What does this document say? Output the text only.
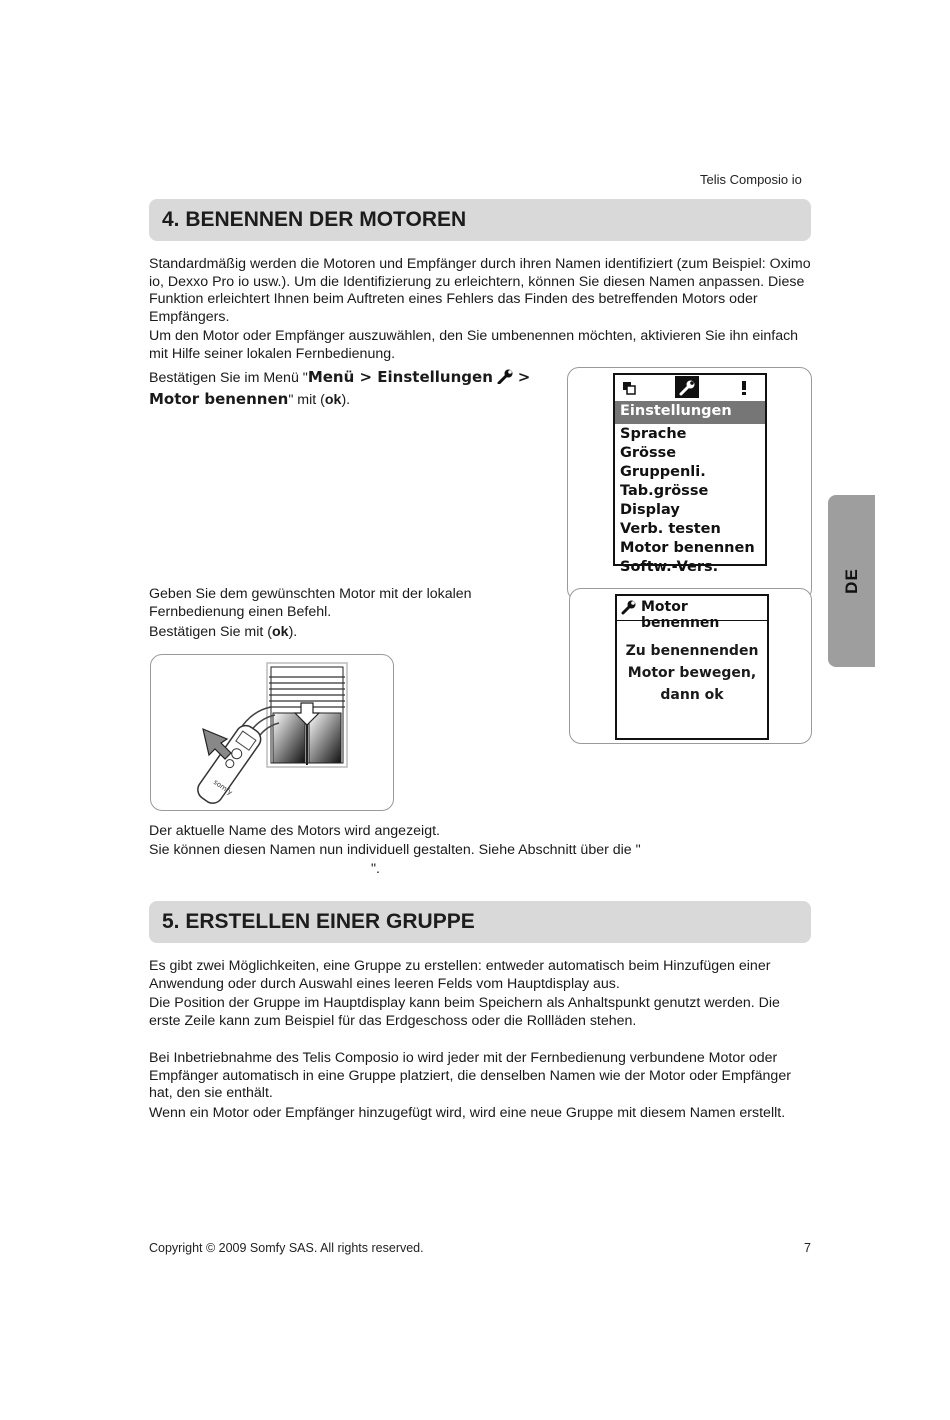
Telis Composio io
4. BENENNEN DER MOTOREN

Standardmäßig werden die Motoren und Empfänger durch ihren Namen identifiziert (zum Beispiel: Oximo io, Dexxo Pro io usw.). Um die Identifizierung zu erleichtern, können Sie diesen Namen anpassen. Diese Funktion erleichtert Ihnen beim Auftreten eines Fehlers das Finden des betreffenden Motors oder Empfängers.

Um den Motor oder Empfänger auszuwählen, den Sie umbenennen möchten, aktivieren Sie ihn einfach mit Hilfe seiner lokalen Fernbedienung.

Bestätigen Sie im Menü "Menü > Einstellungen >
Motor benennen" mit (ok).
Einstellungen
Sprache
Grösse Gruppenli.
Tab.grösse
Display
Verb. testen
Motor benennen
Softw.-Vers.

Geben Sie dem gewünschten Motor mit der lokalen Fernbedienung einen Befehl.

Bestätigen Sie mit (ok).

Motor benennen
Zu benennenden
Motor bewegen,
dann ok
somfy

Der aktuelle Name des Motors wird angezeigt.

Sie können diesen Namen nun individuell gestalten. Siehe Abschnitt über die "

".

5. ERSTELLEN EINER GRUPPE

Es gibt zwei Möglichkeiten, eine Gruppe zu erstellen: entweder automatisch beim Hinzufügen einer Anwendung oder durch Auswahl eines leeren Felds vom Hauptdisplay aus.

Die Position der Gruppe im Hauptdisplay kann beim Speichern als Anhaltspunkt genutzt werden. Die erste Zeile kann zum Beispiel für das Erdgeschoss oder die Rollläden stehen.

Bei Inbetriebnahme des Telis Composio io wird jeder mit der Fernbedienung verbundene Motor oder Empfänger automatisch in eine Gruppe platziert, die denselben Namen wie der Motor oder Empfänger hat, den sie enthält.

Wenn ein Motor oder Empfänger hinzugefügt wird, wird eine neue Gruppe mit diesem Namen erstellt.

DE
Copyright © 2009 Somfy SAS. All rights reserved.	7
